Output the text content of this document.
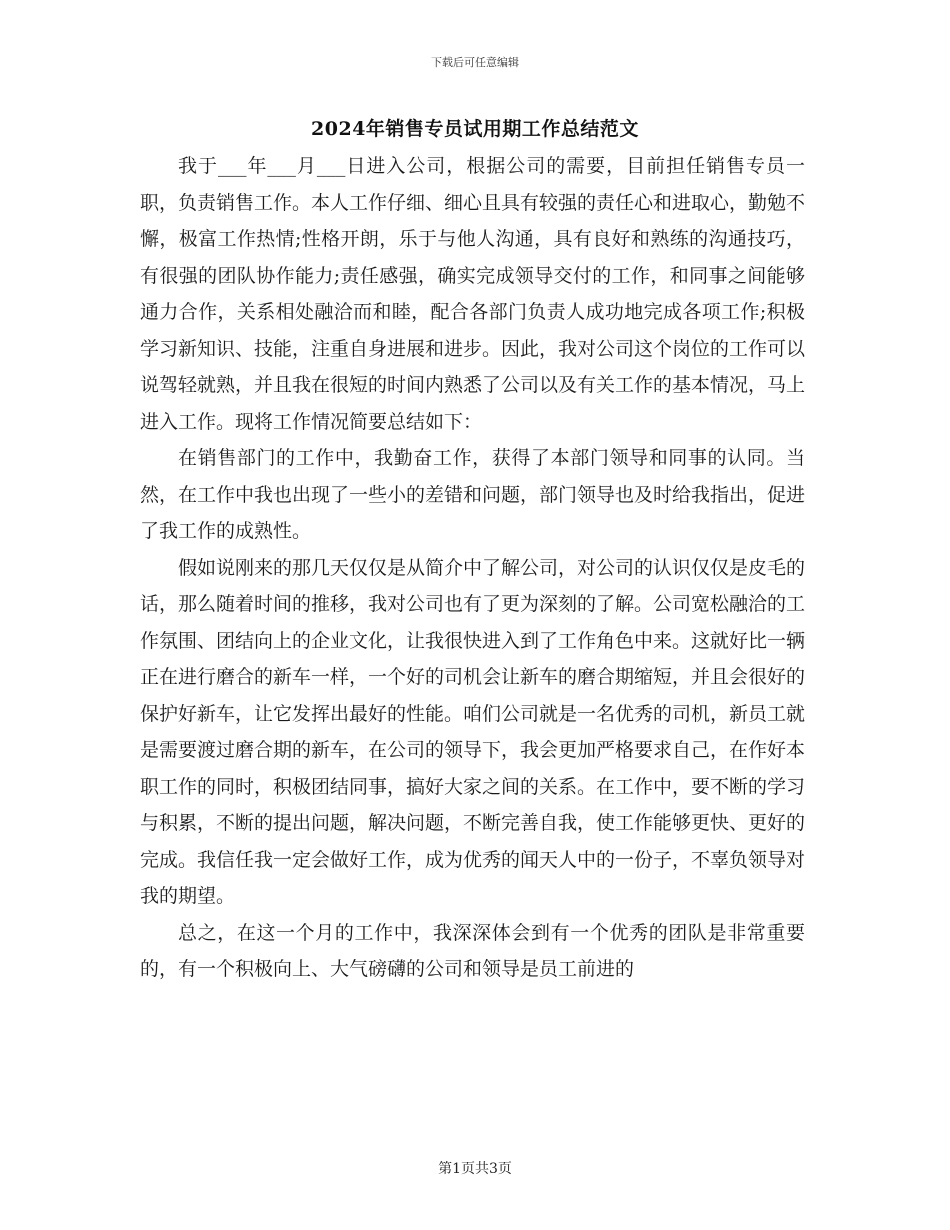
下载后可任意编辑
2024年销售专员试用期工作总结范文

我于___年___月___日进入公司，根据公司的需要，目前担任销售专员一职，负责销售工作。本人工作仔细、细心且具有较强的责任心和进取心，勤勉不懈，极富工作热情;性格开朗，乐于与他人沟通，具有良好和熟练的沟通技巧，有很强的团队协作能力;责任感强，确实完成领导交付的工作，和同事之间能够通力合作，关系相处融洽而和睦，配合各部门负责人成功地完成各项工作;积极学习新知识、技能，注重自身进展和进步。因此，我对公司这个岗位的工作可以说驾轻就熟，并且我在很短的时间内熟悉了公司以及有关工作的基本情况，马上进入工作。现将工作情况简要总结如下：

在销售部门的工作中，我勤奋工作，获得了本部门领导和同事的认同。当然，在工作中我也出现了一些小的差错和问题，部门领导也及时给我指出，促进了我工作的成熟性。

假如说刚来的那几天仅仅是从简介中了解公司，对公司的认识仅仅是皮毛的话，那么随着时间的推移，我对公司也有了更为深刻的了解。公司宽松融洽的工作氛围、团结向上的企业文化，让我很快进入到了工作角色中来。这就好比一辆正在进行磨合的新车一样，一个好的司机会让新车的磨合期缩短，并且会很好的保护好新车，让它发挥出最好的性能。咱们公司就是一名优秀的司机，新员工就是需要渡过磨合期的新车，在公司的领导下，我会更加严格要求自己，在作好本职工作的同时，积极团结同事，搞好大家之间的关系。在工作中，要不断的学习与积累，不断的提出问题，解决问题，不断完善自我，使工作能够更快、更好的完成。我信任我一定会做好工作，成为优秀的闻天人中的一份子，不辜负领导对我的期望。

总之，在这一个月的工作中，我深深体会到有一个优秀的团队是非常重要的，有一个积极向上、大气磅礴的公司和领导是员工前进的

第1页共3页
